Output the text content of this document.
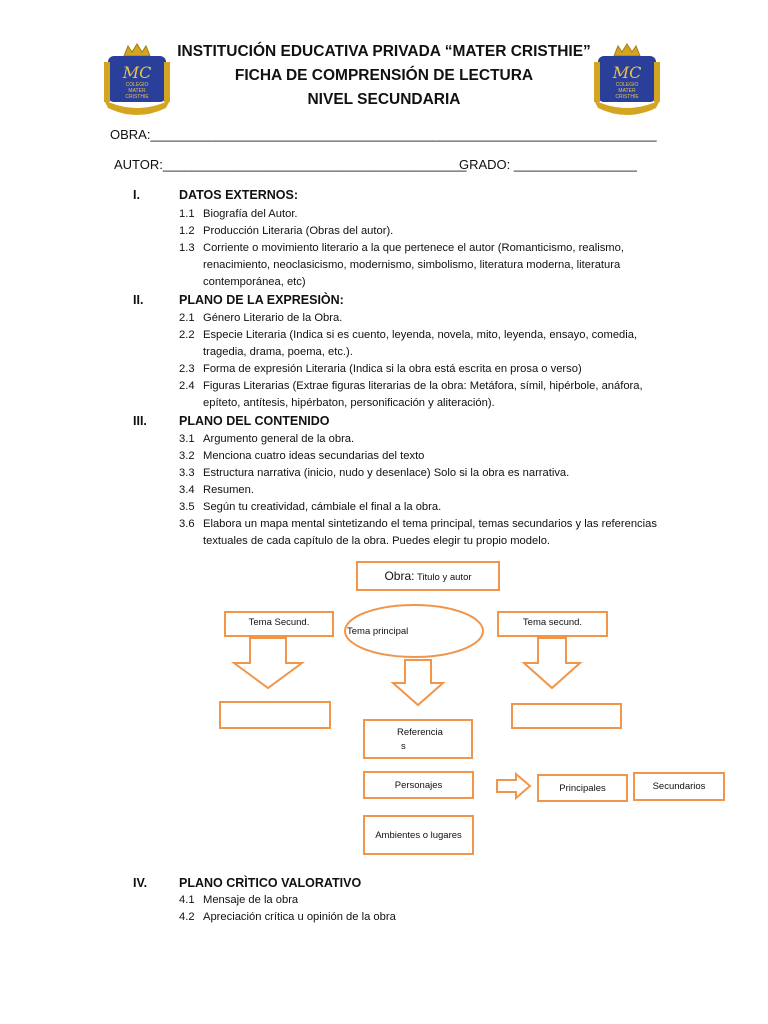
MC
COLEGIO
MATER
CRISTHIE
MC
COLEGIO
MATER
CRISTHIE
INSTITUCIÓN EDUCATIVA PRIVADA “MATER CRISTHIE”
FICHA DE COMPRENSIÓN DE LECTURA
NIVEL SECUNDARIA
OBRA:______________________________________________________________________
AUTOR:__________________________________________
GRADO: _________________
I.	DATOS EXTERNOS:
1.1 Biografía del Autor.
1.2 Producción Literaria (Obras del autor).
1.3 Corriente o movimiento literario a la que pertenece el autor (Romanticismo, realismo, renacimiento, neoclasicismo, modernismo, simbolismo, literatura moderna, literatura contemporánea, etc)
II.	PLANO DE LA EXPRESIÒN:
2.1 Género Literario de la Obra.
2.2 Especie Literaria (Indica si es cuento, leyenda, novela, mito, leyenda, ensayo, comedia, tragedia, drama, poema, etc.).
2.3 Forma de expresión Literaria (Indica si la obra está escrita en prosa o verso)
2.4 Figuras Literarias (Extrae figuras literarias de la obra: Metáfora, símil, hipérbole, anáfora, epíteto, antítesis, hipérbaton, personificación y aliteración).
III.	PLANO DEL CONTENIDO
3.1 Argumento general de la obra.
3.2 Menciona cuatro ideas secundarias del texto
3.3 Estructura narrativa (inicio, nudo y desenlace) Solo si la obra es narrativa.
3.4 Resumen.
3.5 Según tu creatividad, cámbiale el final a la obra.
3.6 Elabora un mapa mental sintetizando el tema principal, temas secundarios y las referencias textuales de cada capítulo de la obra. Puedes elegir tu propio modelo.
Obra: Titulo y autor
Tema principal
Tema Secund.	Tema secund.
Referencia
s
Personajes	Principales	Secundarios
Ambientes o lugares
IV.	PLANO CRÌTICO VALORATIVO
4.1 Mensaje de la obra
4.2 Apreciación crítica u opinión de la obra
